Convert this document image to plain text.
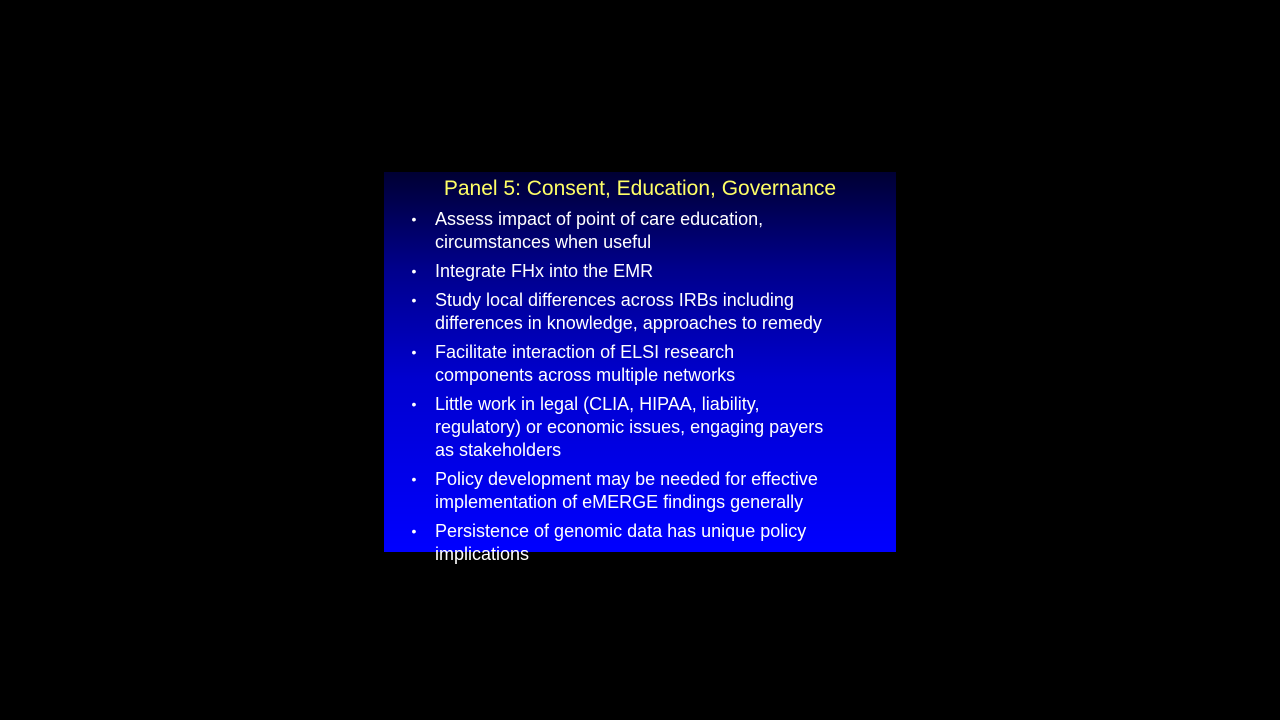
Panel 5: Consent, Education, Governance
• Assess impact of point of care education,
circumstances when useful
• Integrate FHx into the EMR
• Study local differences across IRBs including
differences in knowledge, approaches to remedy
• Facilitate interaction of ELSI research
components across multiple networks
• Little work in legal (CLIA, HIPAA, liability,
regulatory) or economic issues, engaging payers
as stakeholders
• Policy development may be needed for effective
implementation of eMERGE findings generally
• Persistence of genomic data has unique policy
implications
